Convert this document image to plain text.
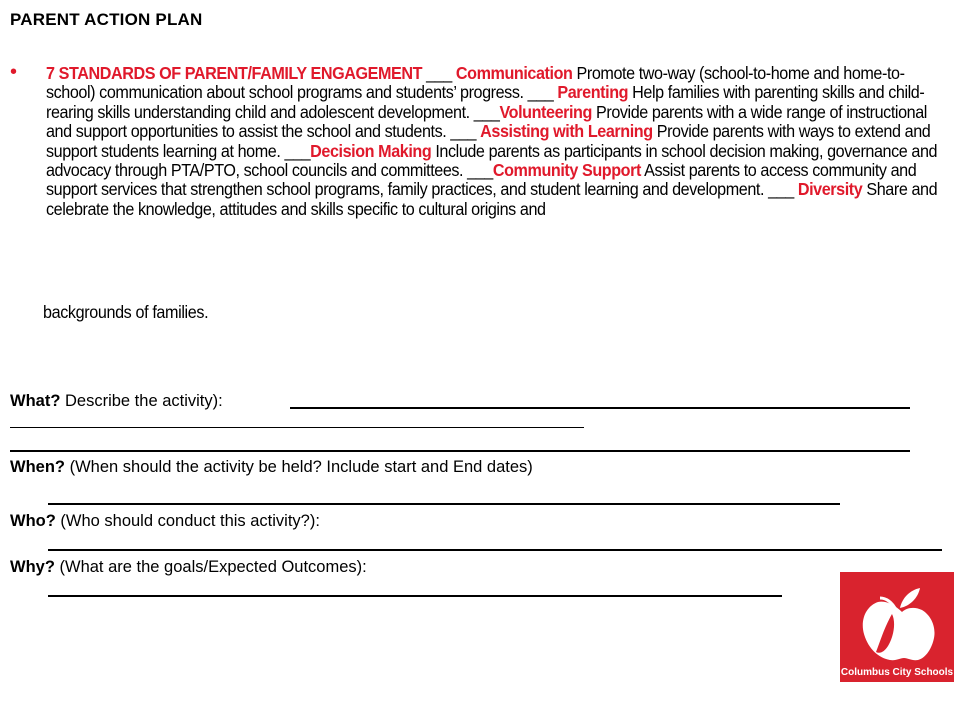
PARENT ACTION PLAN
• 7 STANDARDS OF PARENT/FAMILY ENGAGEMENT ___ Communication Promote two-way (school-to-home and home-to-school) communication about school programs and students’ progress. ___ Parenting Help families with parenting skills and child-rearing skills understanding child and adolescent development. ___Volunteering Provide parents with a wide range of instructional and support opportunities to assist the school and students. ___ Assisting with Learning Provide parents with ways to extend and support students learning at home. ___Decision Making Include parents as participants in school decision making, governance and advocacy through PTA/PTO, school councils and committees. ___Community Support Assist parents to access community and support services that strengthen school programs, family practices, and student learning and development. ___ Diversity Share and celebrate the knowledge, attitudes and skills specific to cultural origins and
backgrounds of families.
What? Describe the activity):
When? (When should the activity be held? Include start and End dates)
Who? (Who should conduct this activity?):
Why? (What are the goals/Expected Outcomes):
Columbus City Schools
